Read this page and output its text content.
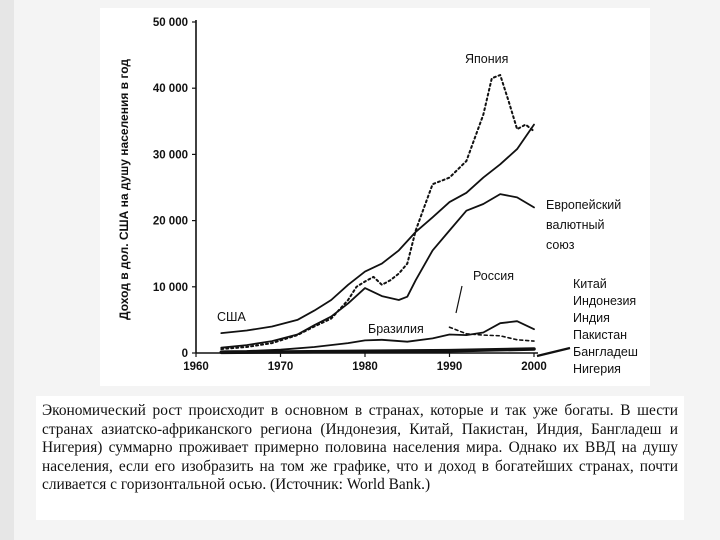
0
10 000
20 000
30 000
40 000
50 000
1960	1970	1980	1990	2000
Доход в дол. США на душу населения в год	Япония
Европейский
валютный
союз
Россия
США
Бразилия
Китай
Индонезия
Индия
Пакистан
Бангладеш
Нигерия
Экономический рост происходит в основном в странах, которые и так уже богаты. В шести странах азиатско-африканского региона (Индонезия, Китай, Пакистан, Индия, Бангладеш и Нигерия) суммарно проживает примерно половина населения мира. Однако их ВВД на душу населения, если его изобразить на том же графике, что и доход в богатейших странах, почти сливается с горизонтальной осью. (Источник: World Bank.)
